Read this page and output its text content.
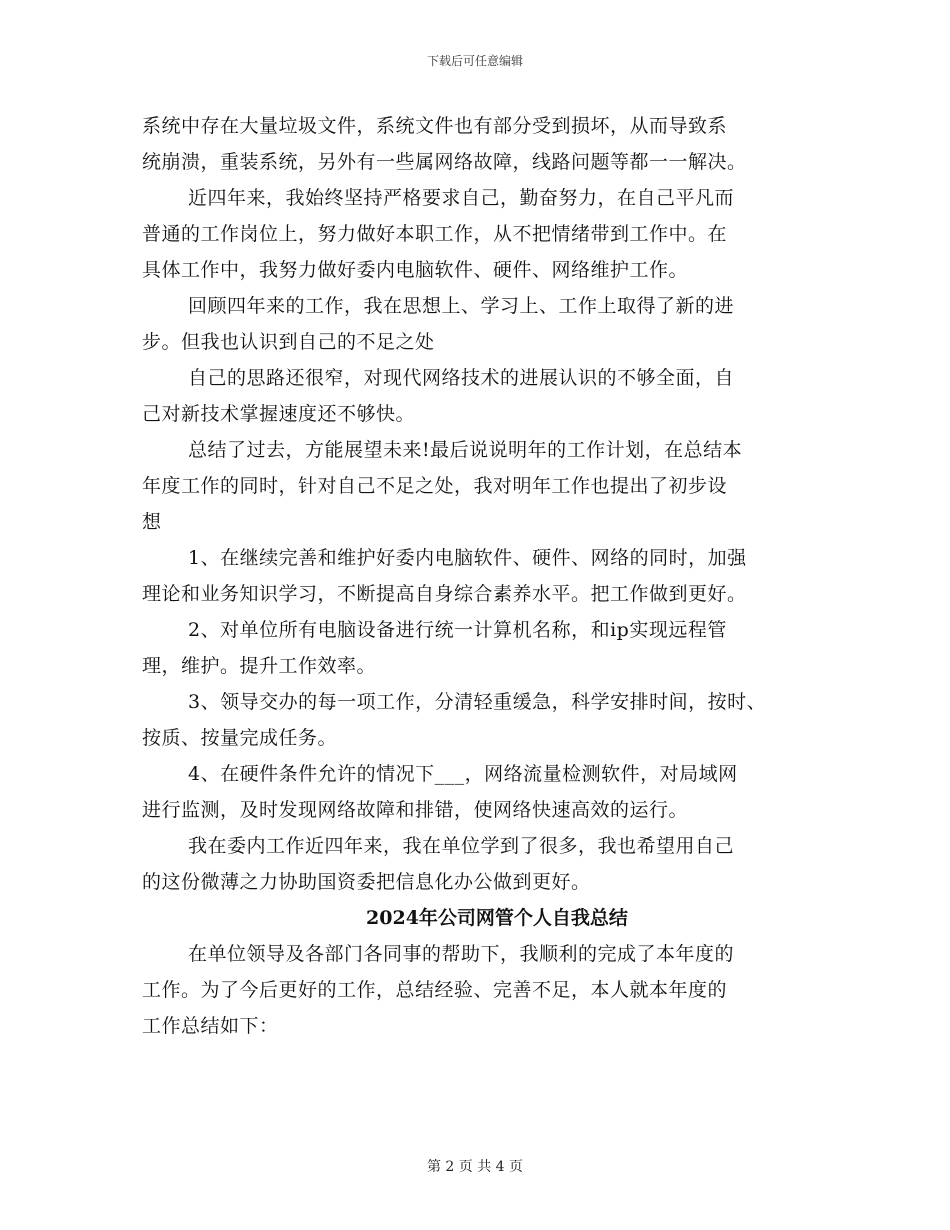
下载后可任意编辑
系统中存在大量垃圾文件，系统文件也有部分受到损坏，从而导致系
统崩溃，重装系统，另外有一些属网络故障，线路问题等都一一解决。
近四年来，我始终坚持严格要求自己，勤奋努力，在自己平凡而
普通的工作岗位上，努力做好本职工作，从不把情绪带到工作中。在
具体工作中，我努力做好委内电脑软件、硬件、网络维护工作。
回顾四年来的工作，我在思想上、学习上、工作上取得了新的进
步。但我也认识到自己的不足之处
自己的思路还很窄，对现代网络技术的进展认识的不够全面，自
己对新技术掌握速度还不够快。
总结了过去，方能展望未来!最后说说明年的工作计划，在总结本
年度工作的同时，针对自己不足之处，我对明年工作也提出了初步设
想
1、在继续完善和维护好委内电脑软件、硬件、网络的同时，加强
理论和业务知识学习，不断提高自身综合素养水平。把工作做到更好。
2、对单位所有电脑设备进行统一计算机名称，和ip实现远程管
理，维护。提升工作效率。
3、领导交办的每一项工作，分清轻重缓急，科学安排时间，按时、
按质、按量完成任务。
4、在硬件条件允许的情况下___，网络流量检测软件，对局域网
进行监测，及时发现网络故障和排错，使网络快速高效的运行。
我在委内工作近四年来，我在单位学到了很多，我也希望用自己
的这份微薄之力协助国资委把信息化办公做到更好。
2024年公司网管个人自我总结
在单位领导及各部门各同事的帮助下，我顺利的完成了本年度的
工作。为了今后更好的工作，总结经验、完善不足，本人就本年度的
工作总结如下：
第 2 页 共 4 页
